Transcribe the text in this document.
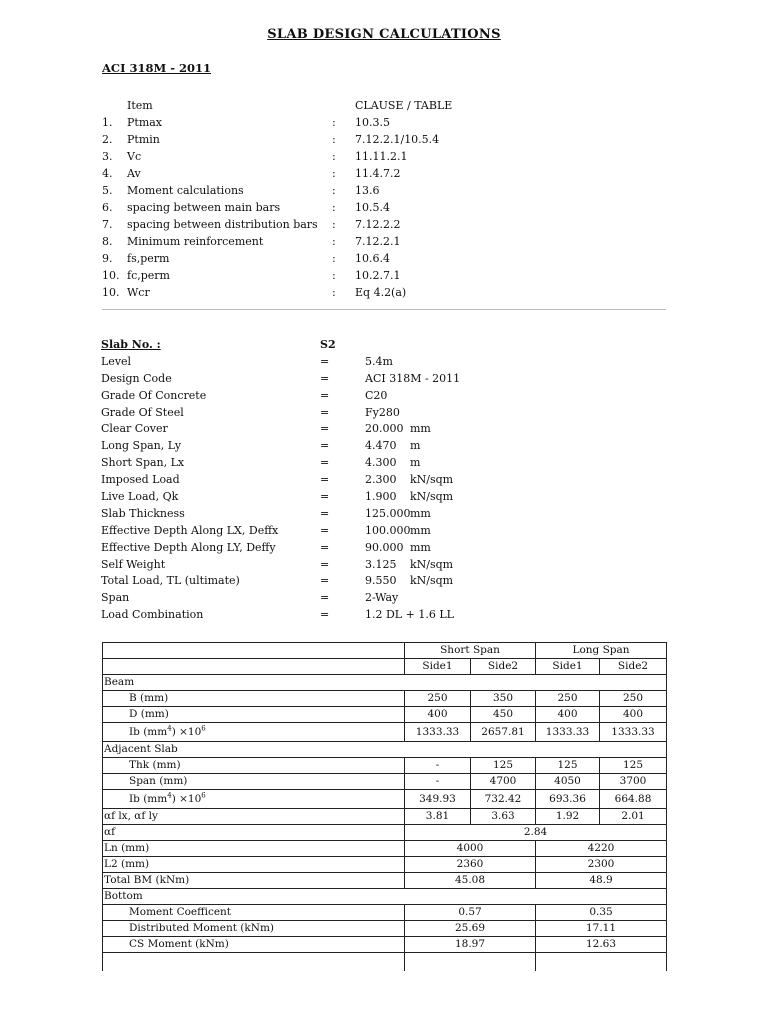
SLAB DESIGN CALCULATIONS
ACI 318M - 2011
Item	CLAUSE / TABLE
1. Ptmax	: 10.3.5
2. Ptmin	: 7.12.2.1/10.5.4
3. Vc	: 11.11.2.1
4. Av	: 11.4.7.2
5. Moment calculations	: 13.6
6. spacing between main bars	: 10.5.4
7. spacing between distribution bars : 7.12.2.2
8. Minimum reinforcement	: 7.12.2.1
9. fs,perm	: 10.6.4
10. fc,perm	: 10.2.7.1
10. Wcr	: Eq 4.2(a)
Slab No. :	S2
Level	=	5.4m
Design Code	=	ACI 318M - 2011
Grade Of Concrete	=	C20
Grade Of Steel	=	Fy280
Clear Cover	=	20.000 mm
Long Span, Ly	=	4.470 m
Short Span, Lx	=	4.300 m
Imposed Load	=	2.300 kN/sqm
Live Load, Qk	=	1.900 kN/sqm
Slab Thickness	=	125.000 mm
Effective Depth Along LX, Deffx	=	100.000 mm
Effective Depth Along LY, Deffy	=	90.000 mm
Self Weight	=	3.125 kN/sqm
Total Load, TL (ultimate)	=	9.550 kN/sqm
Span	=	2-Way
Load Combination	=	1.2 DL + 1.6 LL
	Short Span		Long Span	
	Side1	Side2	Side1	Side2
Beam				
B (mm)	250	350	250	250
D (mm)	400	450	400	400
Ib $(mm^4) \times 10^6$	1333.33	2657.81	1333.33	1333.33
Adjacent Slab				
Thk (mm)	-	125	125	125
Span (mm)	-	4700	4050	3700
Ib $(mm^4) \times 10^6$	349.93	732.42	693.36	664.88
αf lx, αf ly	3.81	3.63	1.92	2.01
αf	2.84			
Ln (mm)	4000		4220	
L2 (mm)	2360		2300	
Total BM (kNm)	45.08		48.9	
Bottom				
Moment Coefficent	0.57		0.35	
Distributed Moment (kNm)	25.69		17.11	
CS Moment (kNm)	18.97		12.63	
